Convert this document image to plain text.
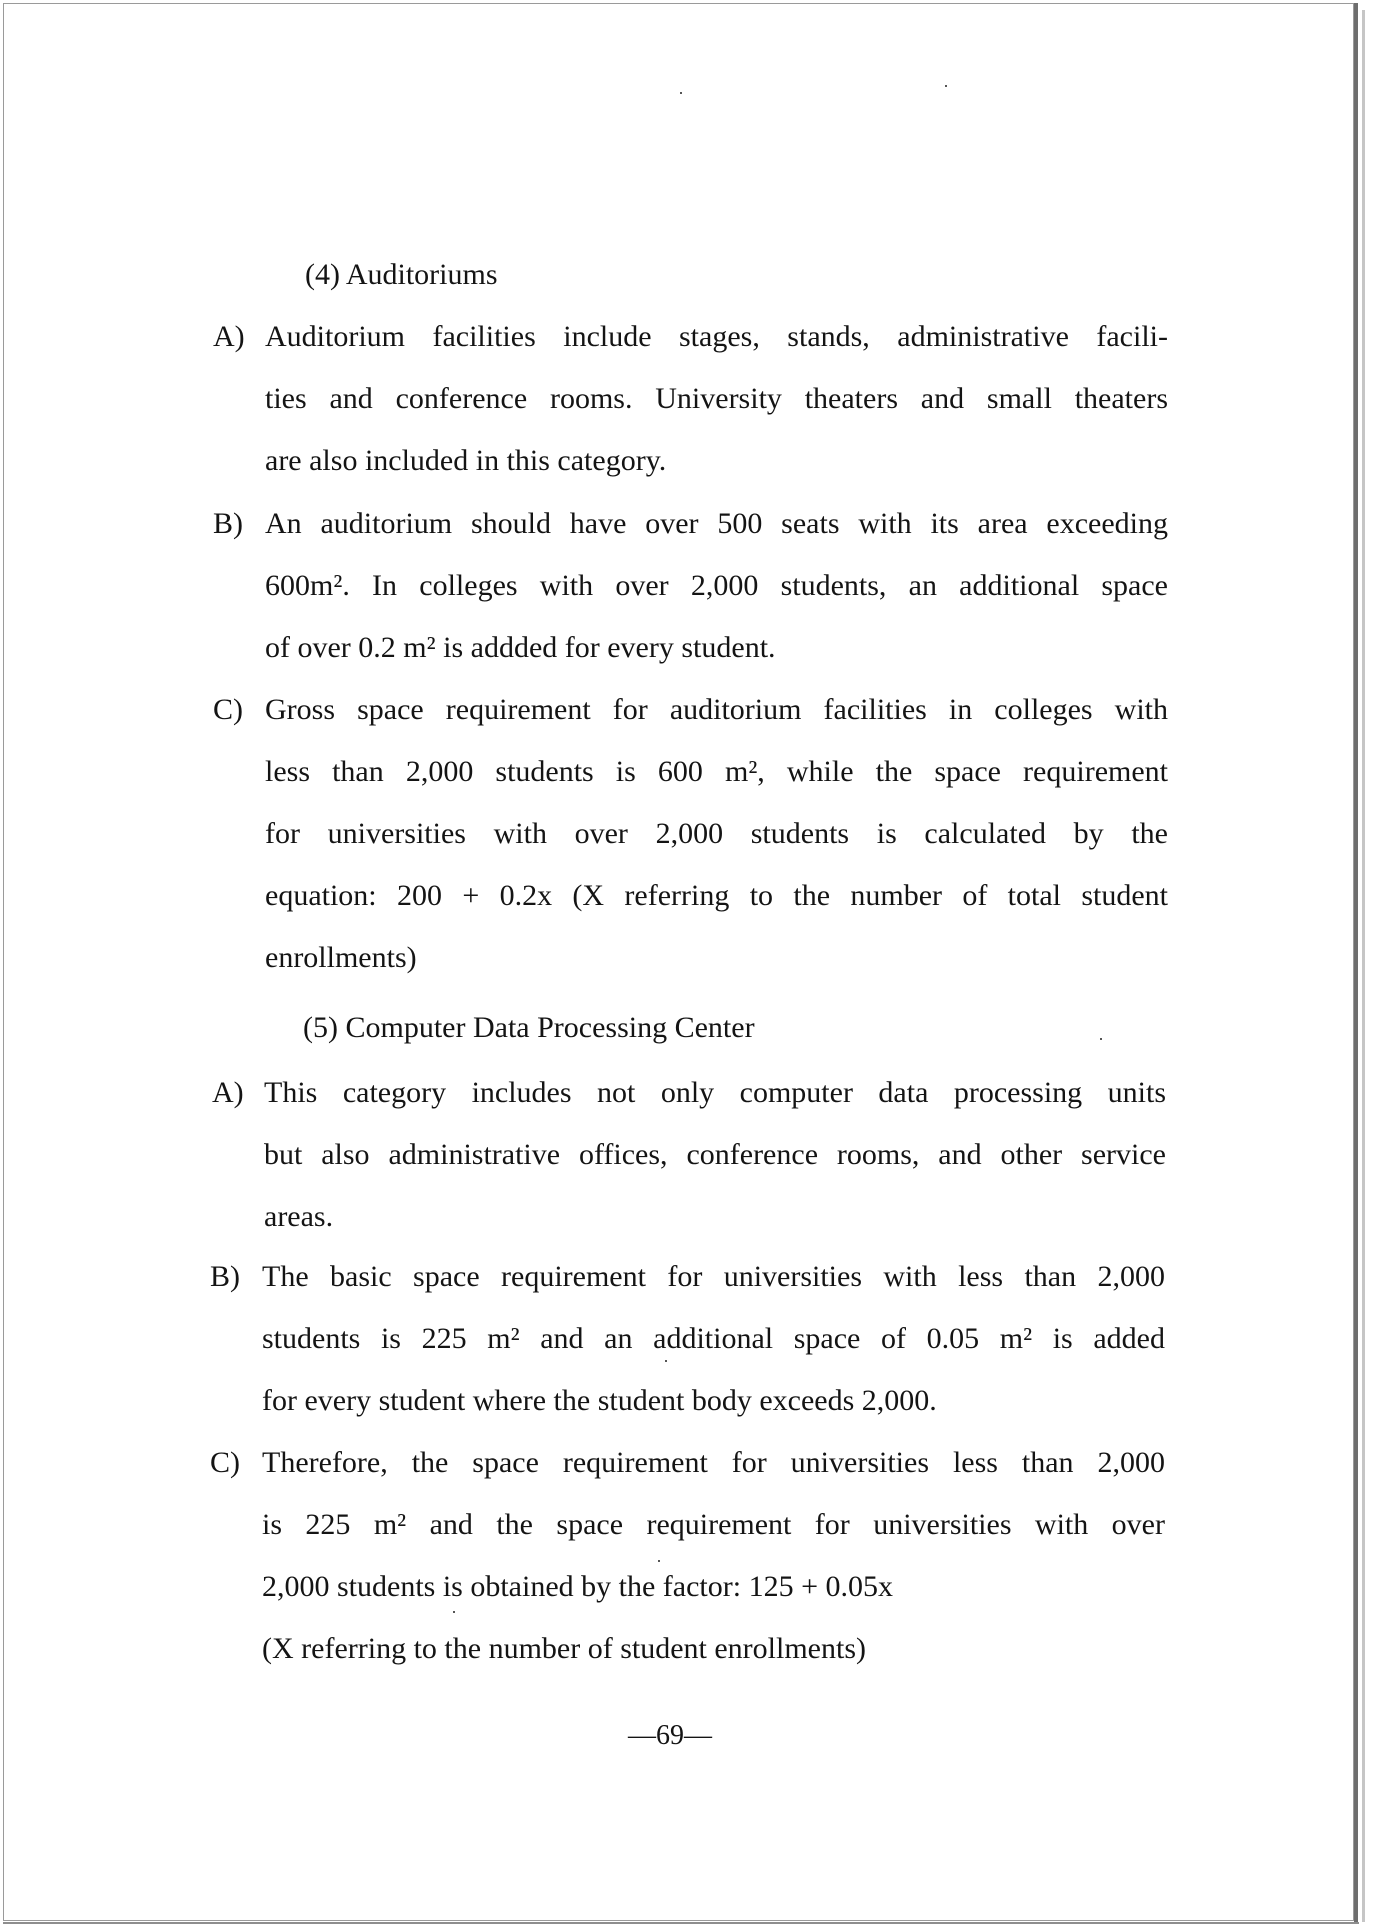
(4) Auditoriums
A) Auditorium facilities include stages, stands, administrative facili-
ties and conference rooms. University theaters and small theaters
are also included in this category.
B) An auditorium should have over 500 seats with its area exceeding
600m². In colleges with over 2,000 students, an additional space
of over 0.2 m² is addded for every student.
C) Gross space requirement for auditorium facilities in colleges with
less than 2,000 students is 600 m², while the space requirement
for universities with over 2,000 students is calculated by the
equation: 200 + 0.2x (X referring to the number of total student
enrollments)
(5) Computer Data Processing Center
A) This category includes not only computer data processing units
but also administrative offices, conference rooms, and other service
areas.
B) The basic space requirement for universities with less than 2,000
students is 225 m² and an additional space of 0.05 m² is added
for every student where the student body exceeds 2,000.
C) Therefore, the space requirement for universities less than 2,000
is 225 m² and the space requirement for universities with over
2,000 students is obtained by the factor: 125 + 0.05x
(X referring to the number of student enrollments)
—69—
